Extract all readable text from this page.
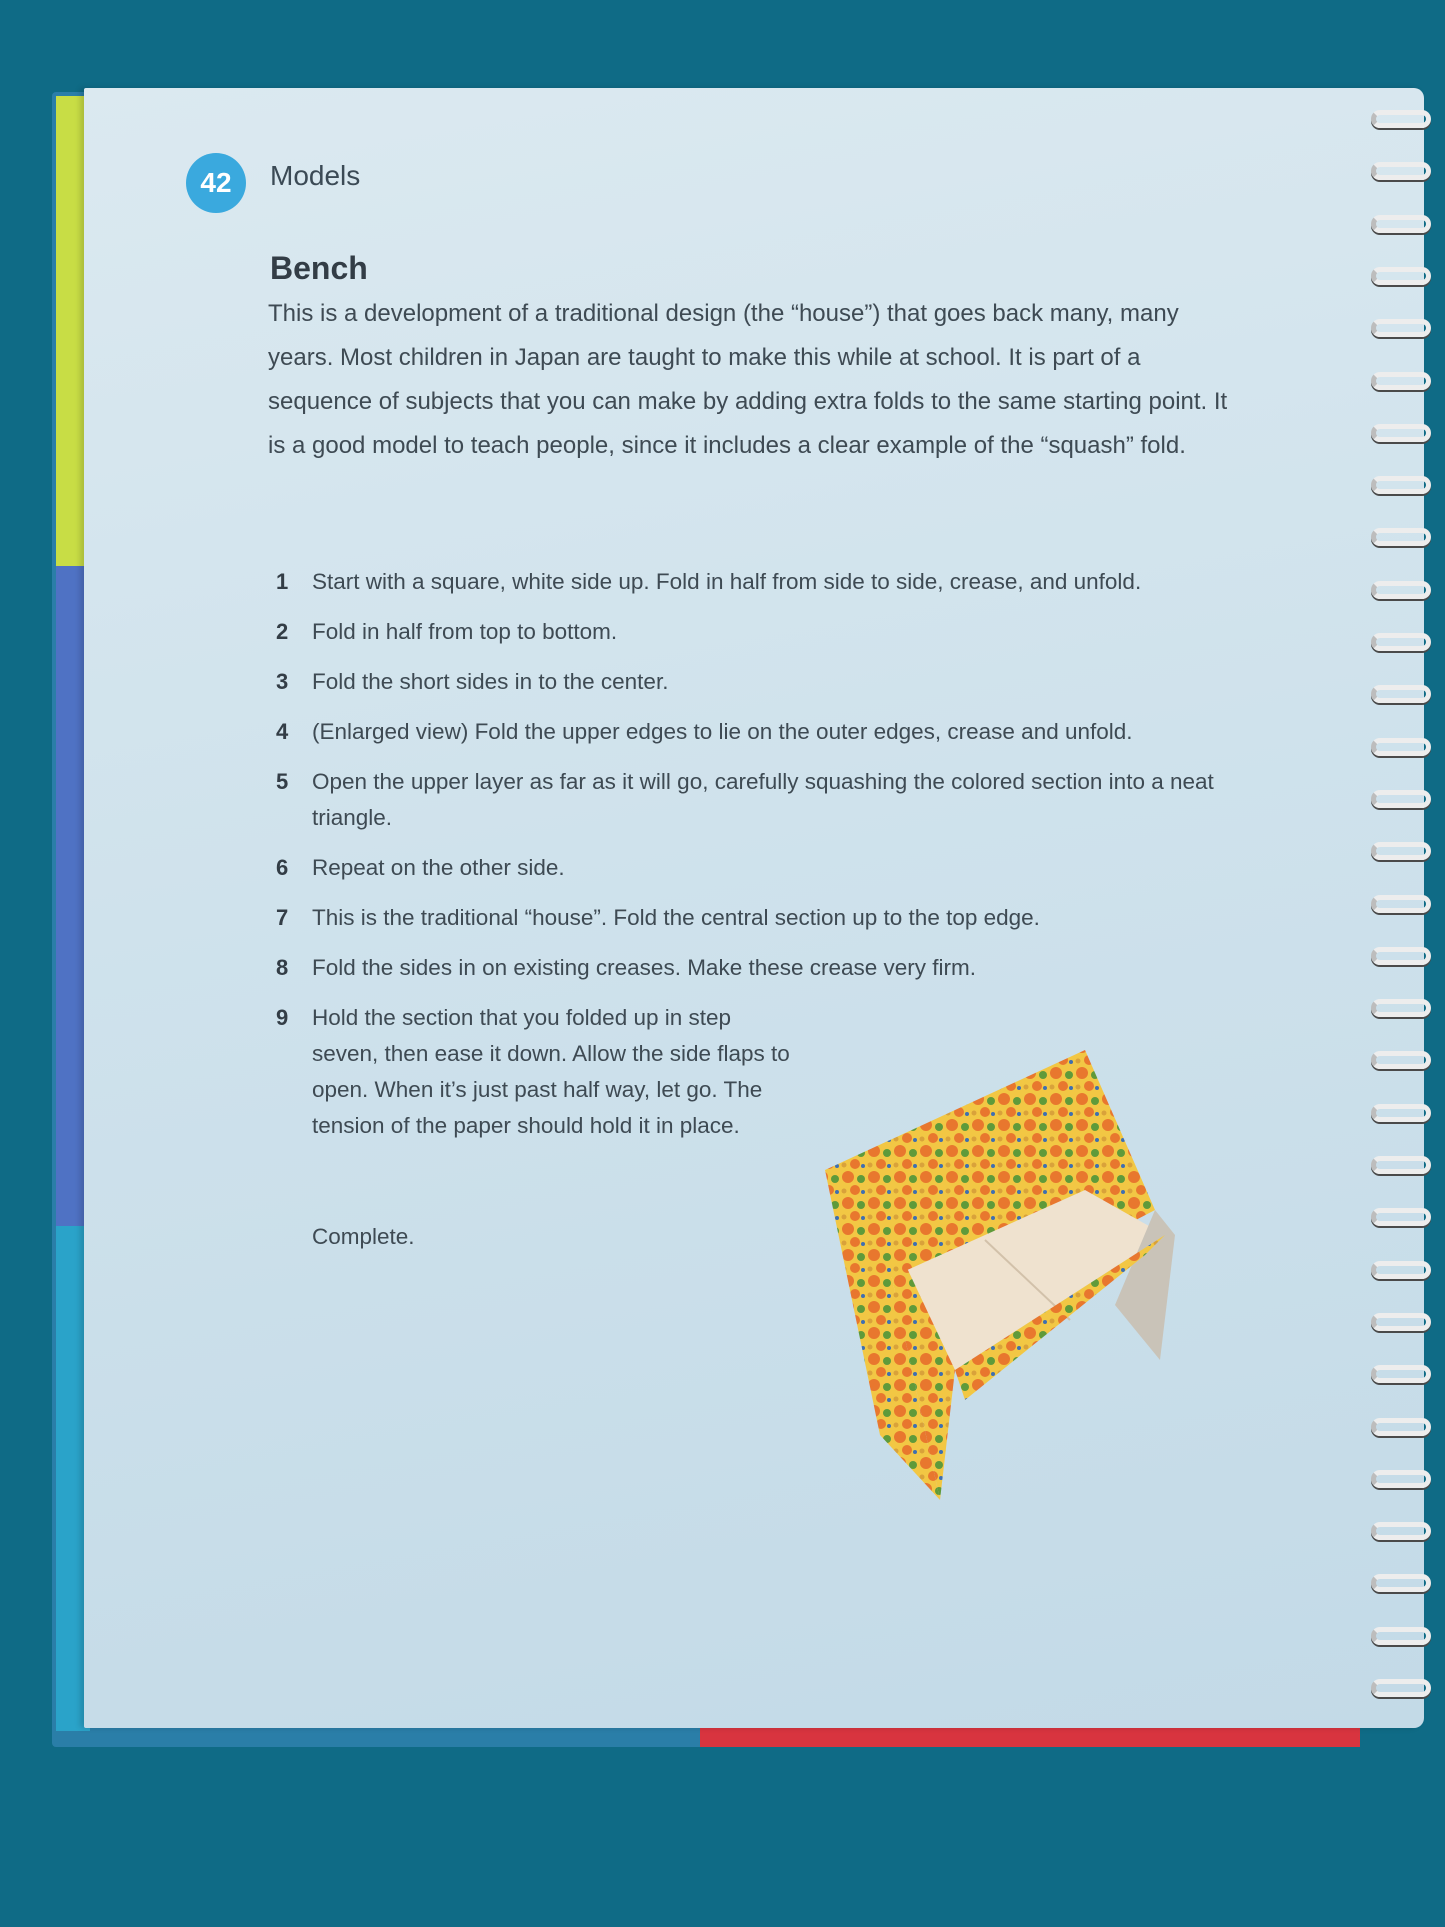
42	Models
Bench
This is a development of a traditional design (the “house”) that goes back many, many years. Most children in Japan are taught to make this while at school. It is part of a sequence of subjects that you can make by adding extra folds to the same starting point. It is a good model to teach people, since it includes a clear example of the “squash” fold.
1	Start with a square, white side up. Fold in half from side to side, crease, and unfold.
2	Fold in half from top to bottom.
3	Fold the short sides in to the center.
4	(Enlarged view) Fold the upper edges to lie on the outer edges, crease and unfold.
5	Open the upper layer as far as it will go, carefully squashing the colored section into a neat triangle.
6	Repeat on the other side.
7	This is the traditional “house”. Fold the central section up to the top edge.
8	Fold the sides in on existing creases. Make these crease very firm.
9	Hold the section that you folded up in step seven, then ease it down. Allow the side flaps to open. When it’s just past half way, let go. The tension of the paper should hold it in place.
Complete.
